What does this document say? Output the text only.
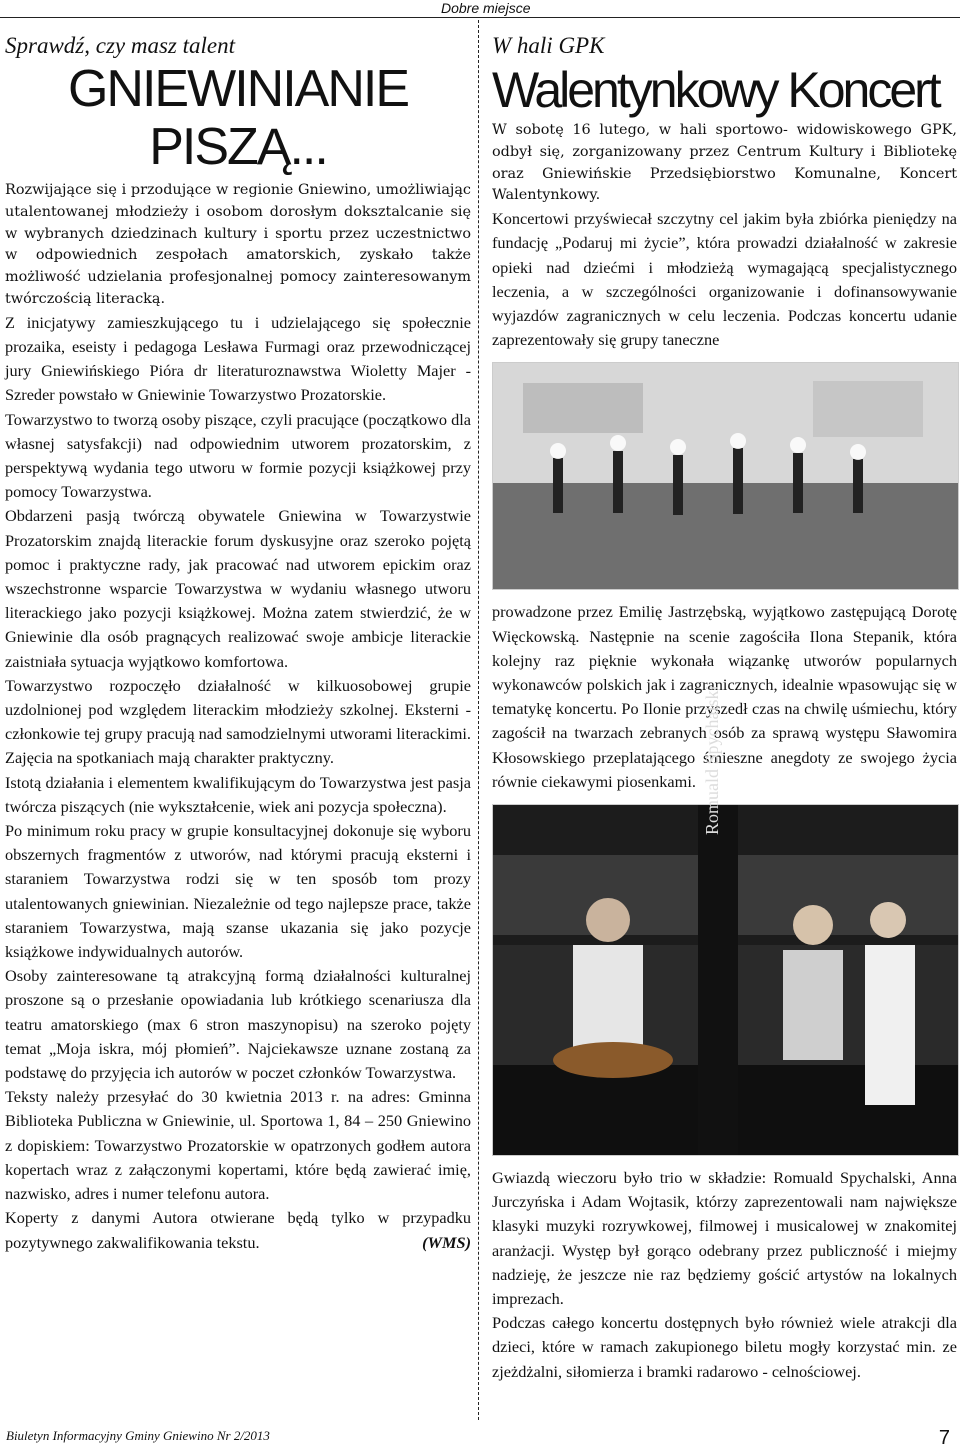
Dobre miejsce

Sprawdź, czy masz talent

GNIEWINIANIE
PISZĄ...

Rozwijające się i przodujące w regionie Gniewino, umożliwiając utalentowanej młodzieży i osobom dorosłym doksztalcanie się w wybranych dziedzinach kultury i sportu przez uczestnictwo w odpowiednich zespołach amatorskich, zyskało także możliwość udzielania profesjonalnej pomocy zainteresowanym twórczością literacką.

Z inicjatywy zamieszkującego tu i udzielającego się społecznie prozaika, eseisty i pedagoga Lesława Furmagi oraz przewodniczącej jury Gniewińskiego Pióra dr literaturoznawstwa Wioletty Majer - Szreder powstało w Gniewinie Towarzystwo Prozatorskie.

Towarzystwo to tworzą osoby piszące, czyli pracujące (początkowo dla własnej satysfakcji) nad odpowiednim utworem prozatorskim, z perspektywą wydania tego utworu w formie pozycji książkowej przy pomocy Towarzystwa.

Obdarzeni pasją twórczą obywatele Gniewina w Towarzystwie Prozatorskim znajdą literackie forum dyskusyjne oraz szeroko pojętą pomoc i praktyczne rady, jak pracować nad utworem epickim oraz wszechstronne wsparcie Towarzystwa w wydaniu własnego utworu literackiego jako pozycji książkowej. Można zatem stwierdzić, że w Gniewinie dla osób pragnących realizować swoje ambicje literackie zaistniała sytuacja wyjątkowo komfortowa.

Towarzystwo rozpoczęło działalność w kilkuosobowej grupie uzdolnionej pod względem literackim młodzieży szkolnej. Eksterni - członkowie tej grupy pracują nad samodzielnymi utworami literackimi. Zajęcia na spotkaniach mają charakter praktyczny.

Istotą działania i elementem kwalifikującym do Towarzystwa jest pasja twórcza piszących (nie wykształcenie, wiek ani pozycja społeczna).

Po minimum roku pracy w grupie konsultacyjnej dokonuje się wyboru obszernych fragmentów z utworów, nad którymi pracują eksterni i staraniem Towarzystwa rodzi się w ten sposób tom prozy utalentowanych gniewinian. Niezależnie od tego najlepsze prace, także staraniem Towarzystwa, mają szanse ukazania się jako pozycje książkowe indywidualnych autorów.

Osoby zainteresowane tą atrakcyjną formą działalności kulturalnej proszone są o przesłanie opowiadania lub krótkiego scenariusza dla teatru amatorskiego (max 6 stron maszynopisu) na szeroko pojęty temat „Moja iskra, mój płomień”. Najciekawsze uznane zostaną za podstawę do przyjęcia ich autorów w poczet członków Towarzystwa.

Teksty należy przesyłać do 30 kwietnia 2013 r. na adres: Gminna Biblioteka Publiczna w Gniewinie, ul. Sportowa 1, 84 – 250 Gniewino z dopiskiem: Towarzystwo Prozatorskie w opatrzonych godłem autora kopertach wraz z załączonymi kopertami, które będą zawierać imię, nazwisko, adres i numer telefonu autora.

Koperty z danymi Autora otwierane będą tylko w przypadku pozytywnego zakwalifikowania tekstu.	(WMS)

W hali GPK

Walentynkowy Koncert

W sobotę 16 lutego, w hali sportowo- widowiskowego GPK, odbył się, zorganizowany przez Centrum Kultury i Bibliotekę oraz Gniewińskie Przedsiębiorstwo Komunalne, Koncert Walentynkowy.

Koncertowi przyświecał szczytny cel jakim była zbiórka pieniędzy na fundację „Podaruj mi życie”, która prowadzi działalność w zakresie opieki nad dziećmi i młodzieżą wymagającą specjalistycznego leczenia, a w szczególności organizowanie i dofinansowywanie wyjazdów zagranicznych w celu leczenia. Podczas koncertu udanie zaprezentowały się grupy taneczne

prowadzone przez Emilię Jastrzębską, wyjątkowo zastępującą Dorotę Więckowską. Następnie na scenie zagościła Ilona Stepanik, która kolejny raz pięknie wykonała wiązankę utworów popularnych wykonawców polskich jak i zagranicznych, idealnie wpasowując się w tematykę koncertu. Po Ilonie przyszedł czas na chwilę uśmiechu, który zagościł na twarzach zebranych osób za sprawą występu Sławomira Kłosowskiego przeplatającego śmieszne anegdoty ze swojego życia równie ciekawymi piosenkami. Romuald Spychalski

Gwiazdą wieczoru było trio w składzie: Romuald Spychalski, Anna Jurczyńska i Adam Wojtasik, którzy zaprezentowali nam największe klasyki muzyki rozrywkowej, filmowej i musicalowej w znakomitej aranżacji. Występ był gorąco odebrany przez publiczność i miejmy nadzieję, że jeszcze nie raz będziemy gościć artystów na lokalnych imprezach.

Podczas całego koncertu dostępnych było również wiele atrakcji dla dzieci, które w ramach zakupionego biletu mogły korzystać min. ze zjeżdżalni, siłomierza i bramki radarowo - celnościowej.

Biuletyn Informacyjny Gminy Gniewino Nr 2/2013	7
